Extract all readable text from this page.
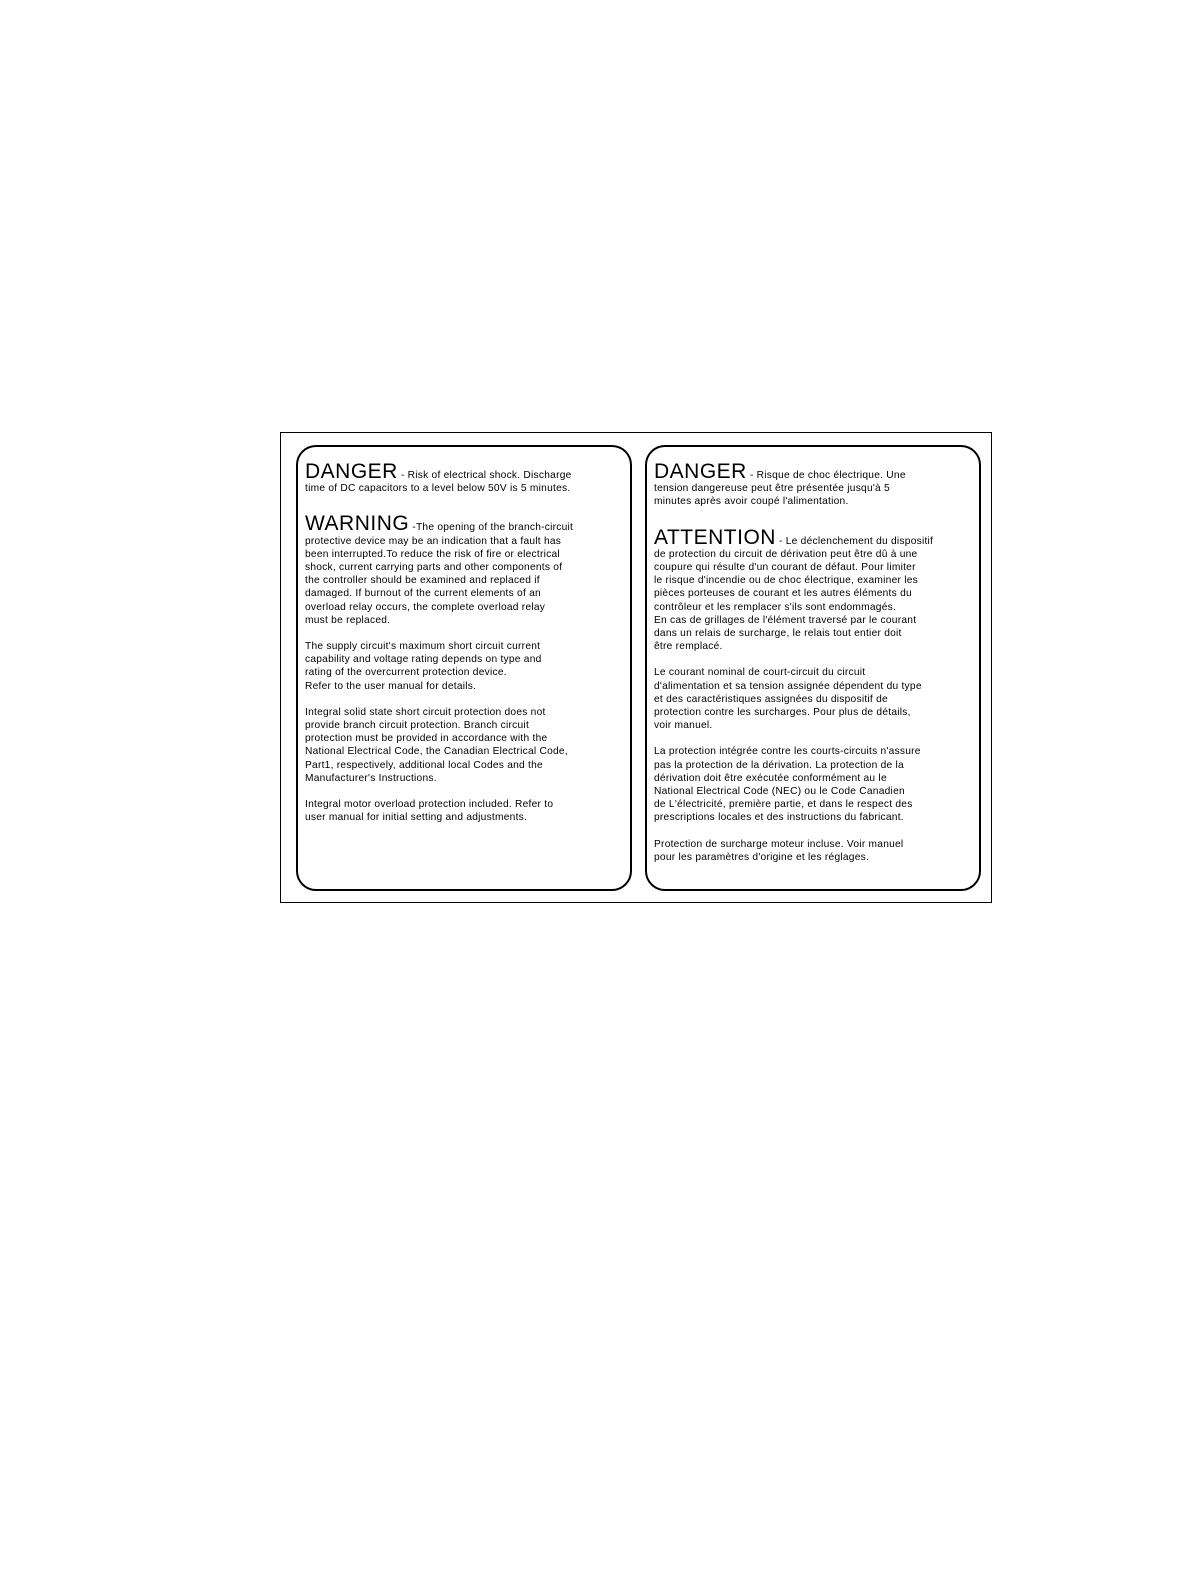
DANGER - Risk of electrical shock. Discharge
time of DC capacitors to a level below 50V is 5 minutes.

WARNING -The opening of the branch-circuit
protective device may be an indication that a fault has
been interrupted.To reduce the risk of fire or electrical
shock, current carrying parts and other components of
the controller should be examined and replaced if
damaged. If burnout of the current elements of an
overload relay occurs, the complete overload relay
must be replaced.

The supply circuit's maximum short circuit current
capability and voltage rating depends on type and
rating of the overcurrent protection device.
Refer to the user manual for details.

Integral solid state short circuit protection does not
provide branch circuit protection. Branch circuit
protection must be provided in accordance with the
National Electrical Code, the Canadian Electrical Code,
Part1, respectively, additional local Codes and the
Manufacturer's Instructions.

Integral motor overload protection included. Refer to
user manual for initial setting and adjustments.

DANGER - Risque de choc électrique. Une
tension dangereuse peut être présentée jusqu'à 5
minutes après avoir coupé l'alimentation.

ATTENTION - Le déclenchement du dispositif
de protection du circuit de dérivation peut être dû à une
coupure qui résulte d'un courant de défaut. Pour limiter
le risque d'incendie ou de choc électrique, examiner les
pièces porteuses de courant et les autres éléments du
contrôleur et les remplacer s'ils sont endommagés.
En cas de grillages de l'élément traversé par le courant
dans un relais de surcharge, le relais tout entier doit
être remplacé.

Le courant nominal de court-circuit du circuit
d'alimentation et sa tension assignée dépendent du type
et des caractéristiques assignées du dispositif de
protection contre les surcharges. Pour plus de détails,
voir manuel.

La protection intégrée contre les courts-circuits n'assure
pas la protection de la dérivation. La protection de la
dérivation doit être exécutée conformément au le
National Electrical Code (NEC) ou le Code Canadien
de L'électricité, première partie, et dans le respect des
prescriptions locales et des instructions du fabricant.

Protection de surcharge moteur incluse. Voir manuel
pour les paramètres d'origine et les réglages.
